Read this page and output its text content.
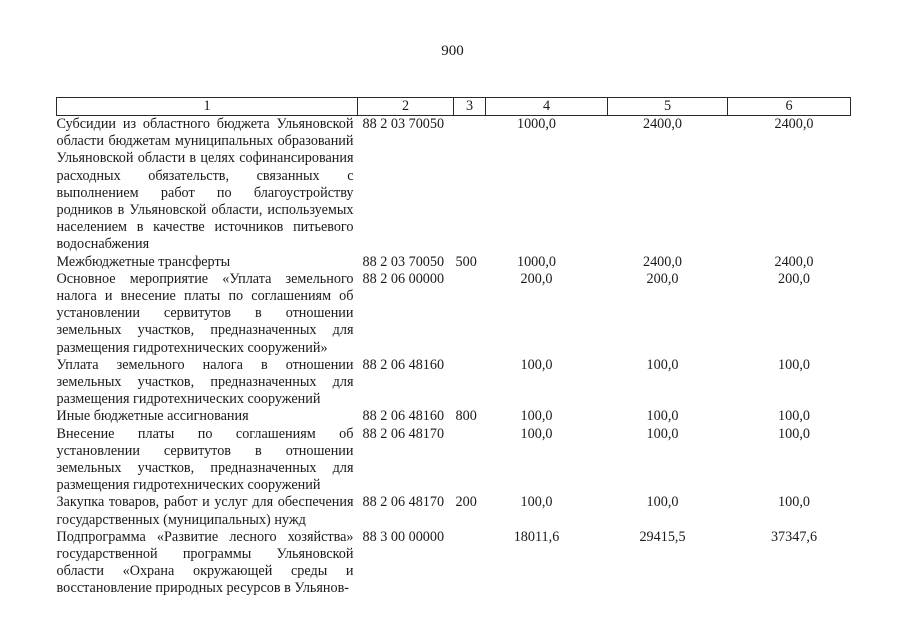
900
1	2	3	4	5	6
Субсидии из областного бюджета Ульяновской области бюджетам муниципальных образований Ульяновской области в целях софинансирования расходных обязательств, связанных с выполнением работ по благоустройству родников в Ульяновской области, используемых населением в качестве источников питьевого водоснабжения	88 2 03 70050		1000,0	2400,0	2400,0
Межбюджетные трансферты	88 2 03 70050	500	1000,0	2400,0	2400,0
Основное мероприятие «Уплата земельного налога и внесение платы по соглашениям об установлении сервитутов в отношении земельных участков, предназначенных для размещения гидротехнических сооружений»	88 2 06 00000		200,0	200,0	200,0
Уплата земельного налога в отношении земельных участков, предназначенных для размещения гидротехнических сооружений	88 2 06 48160		100,0	100,0	100,0
Иные бюджетные ассигнования	88 2 06 48160	800	100,0	100,0	100,0
Внесение платы по соглашениям об установлении сервитутов в отношении земельных участков, предназначенных для размещения гидротехнических сооружений	88 2 06 48170		100,0	100,0	100,0
Закупка товаров, работ и услуг для обеспечения государственных (муниципальных) нужд	88 2 06 48170	200	100,0	100,0	100,0
Подпрограмма «Развитие лесного хозяйства» государственной программы Ульяновской области «Охрана окружающей среды и восстановление природных ресурсов в Ульянов-	88 3 00 00000		18011,6	29415,5	37347,6
